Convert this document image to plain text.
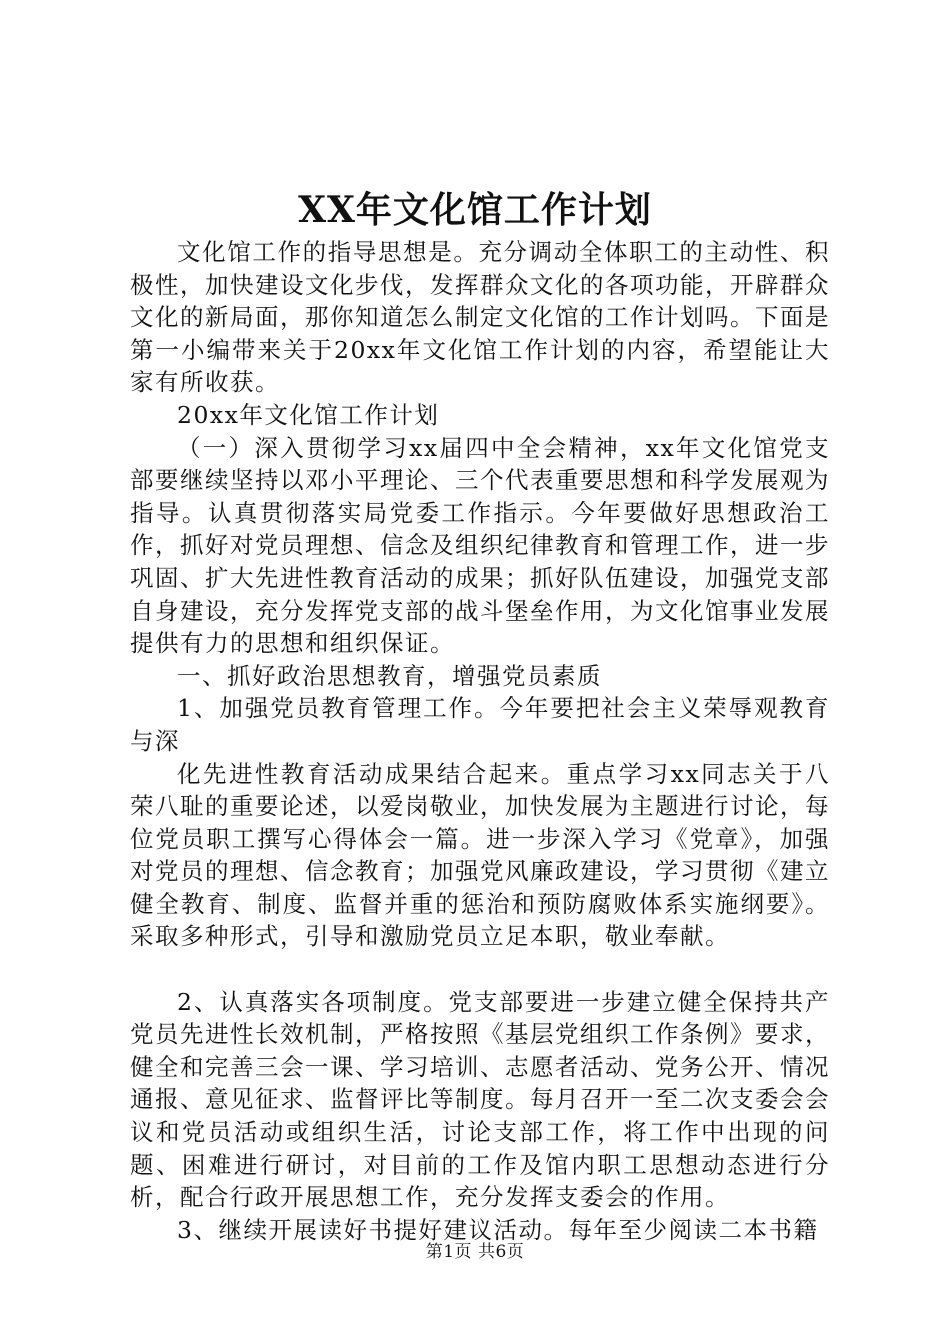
XX年文化馆工作计划

文化馆工作的指导思想是。充分调动全体职工的主动性、积极性，加快建设文化步伐，发挥群众文化的各项功能，开辟群众文化的新局面，那你知道怎么制定文化馆的工作计划吗。下面是第一小编带来关于20xx年文化馆工作计划的内容，希望能让大家有所收获。

20xx年文化馆工作计划

（一）深入贯彻学习xx届四中全会精神，xx年文化馆党支部要继续坚持以邓小平理论、三个代表重要思想和科学发展观为指导。认真贯彻落实局党委工作指示。今年要做好思想政治工作，抓好对党员理想、信念及组织纪律教育和管理工作，进一步巩固、扩大先进性教育活动的成果；抓好队伍建设，加强党支部自身建设，充分发挥党支部的战斗堡垒作用，为文化馆事业发展提供有力的思想和组织保证。

一、抓好政治思想教育，增强党员素质

1、加强党员教育管理工作。今年要把社会主义荣辱观教育与深

化先进性教育活动成果结合起来。重点学习xx同志关于八荣八耻的重要论述，以爱岗敬业，加快发展为主题进行讨论，每位党员职工撰写心得体会一篇。进一步深入学习《党章》，加强对党员的理想、信念教育；加强党风廉政建设，学习贯彻《建立健全教育、制度、监督并重的惩治和预防腐败体系实施纲要》。采取多种形式，引导和激励党员立足本职，敬业奉献。

2、认真落实各项制度。党支部要进一步建立健全保持共产党员先进性长效机制，严格按照《基层党组织工作条例》要求，健全和完善三会一课、学习培训、志愿者活动、党务公开、情况通报、意见征求、监督评比等制度。每月召开一至二次支委会会议和党员活动或组织生活，讨论支部工作，将工作中出现的问题、困难进行研讨，对目前的工作及馆内职工思想动态进行分析，配合行政开展思想工作，充分发挥支委会的作用。

3、继续开展读好书提好建议活动。每年至少阅读二本书籍

第1页 共6页
